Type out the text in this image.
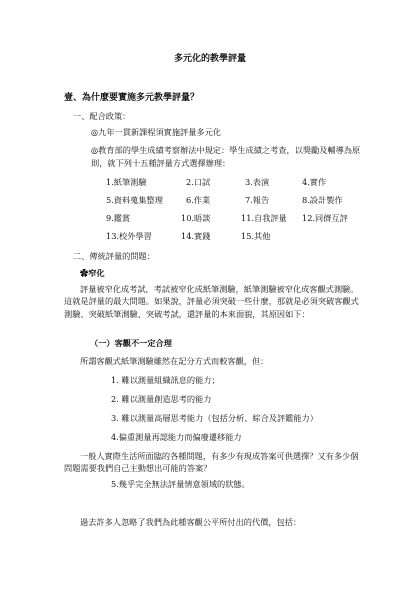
多元化的教學評量
壹、為什麼要實施多元教學評量？
一、配合政策：
◎九年一貫新課程須實施評量多元化
◎教育部的學生成績考察辦法中規定：學生成績之考查，以獎勵及輔導為原則，就下列十五種評量方式選擇辦理：
1.紙筆測驗	2.口試	3.表演	4.實作
5.資料蒐集整理	6.作業	7.報告	8.設計製作
9.鑑賞	10.晤談	11.自我評量 12.同儕互評
13.校外學習	14.實踐	15.其他
二、傳統評量的問題：
✿窄化
評量被窄化成考試，考試被窄化成紙筆測驗，紙筆測驗被窄化成客觀式測驗。這就是評量的最大問題。如果說，評量必須突破一些什麼，那就是必須突破客觀式測驗、突破紙筆測驗、突破考試，還評量的本來面貌，其原因如下：
（一）客觀不一定合理
所謂客觀式紙筆測驗雖然在記分方式而較客觀，但：
1. 難以測量組織訊息的能力；
2. 難以測量創造思考的能力
3. 難以測量高層思考能力（包括分析、綜合及評鑑能力）
4.偏重測量再認能力而偏廢遷移能力
一般人實際生活所面臨的各種問題，有多少有現成答案可供選擇？又有多少個問題需要我們自己主動想出可能的答案？
5.幾乎完全無法評量情意領域的狀態。
過去許多人忽略了我們為此種客觀公平所付出的代價，包括：
